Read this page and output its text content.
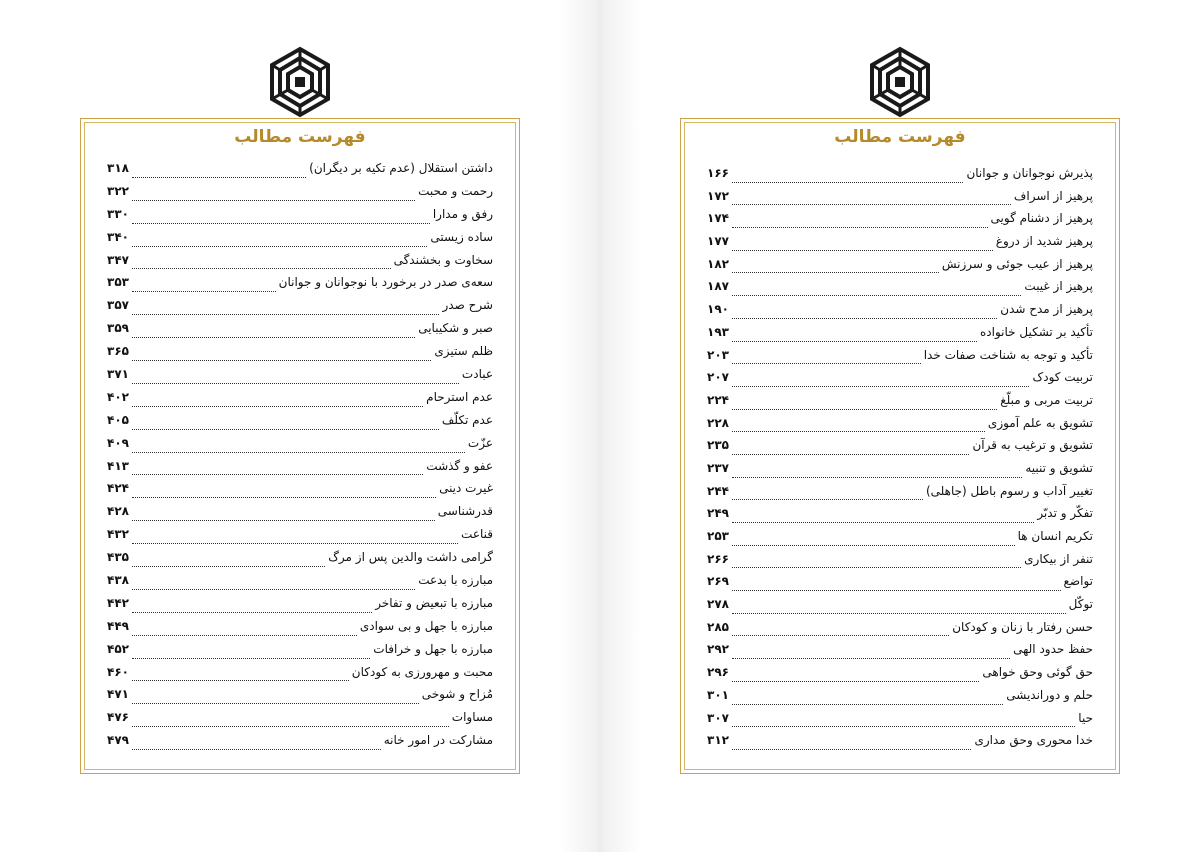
فهرست مطالب
۳۱۸	داشتن استقلال (عدم تکیه بر دیگران)
۳۲۲	رحمت و محبت
۳۳۰	رفق و مدارا
۳۴۰	ساده زیستی
۳۴۷	سخاوت و بخشندگی
۳۵۳	سعه‌ی صدر در برخورد با نوجوانان و جوانان
۳۵۷	شرح صدر
۳۵۹	صبر و شکیبایی
۳۶۵	ظلم ستیزی
۳۷۱	عبادت
۴۰۲	عدم استرحام
۴۰۵	عدم تکلّف
۴۰۹	عزّت
۴۱۳	عفو و گذشت
۴۲۴	غیرت دینی
۴۲۸	قدرشناسی
۴۳۲	قناعت
۴۳۵	گرامی داشت والدین پس از مرگ
۴۳۸	مبارزه با بدعت
۴۴۲	مبارزه با تبعیض و تفاخر
۴۴۹	مبارزه با جهل و بی سوادی
۴۵۲	مبارزه با جهل و خرافات
۴۶۰	محبت و مهرورزی به کودکان
۴۷۱	مُزاح و شوخی
۴۷۶	مساوات
۴۷۹	مشارکت در امور خانه
فهرست مطالب
۱۶۶	پذیرش نوجوانان و جوانان
۱۷۲	پرهیز از اسراف
۱۷۴	پرهیز از دشنام گویی
۱۷۷	پرهیز شدید از دروغ
۱۸۲	پرهیز از عیب جوئی و سرزنش
۱۸۷	پرهیز از غیبت
۱۹۰	پرهیز از مدح شدن
۱۹۳	تأکید بر تشکیل خانواده
۲۰۳	تأکید و توجه به شناخت صفات خدا
۲۰۷	تربیت کودک
۲۲۴	تربیت مربی و مبلّغ
۲۲۸	تشویق به علم آموزی
۲۳۵	تشویق و ترغیب به قرآن
۲۳۷	تشویق و تنبیه
۲۴۴	تغییر آداب و رسوم باطل (جاهلی)
۲۴۹	تفکّر و تدبّر
۲۵۳	تکریم انسان ها
۲۶۶	تنفر از بیکاری
۲۶۹	تواضع
۲۷۸	توکّل
۲۸۵	حسن رفتار با زنان و کودکان
۲۹۲	حفظ حدود الهی
۲۹۶	حق گوئی وحق خواهی
۳۰۱	حلم و دوراندیشی
۳۰۷	حیا
۳۱۲	خدا محوری وحق مداری
